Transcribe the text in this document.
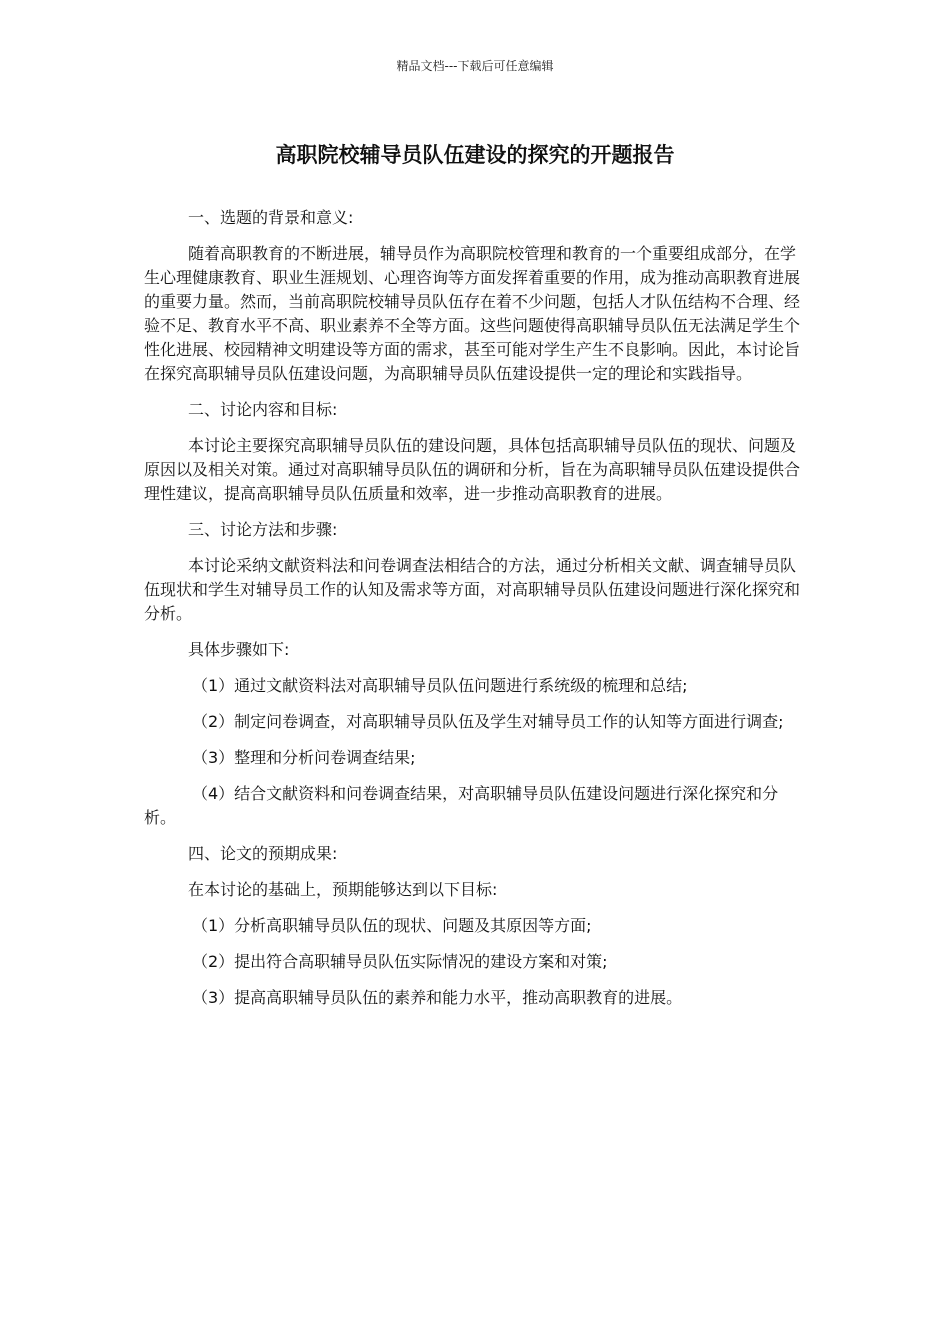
精品文档---下载后可任意编辑
高职院校辅导员队伍建设的探究的开题报告

一、选题的背景和意义:

随着高职教育的不断进展，辅导员作为高职院校管理和教育的一个重要组成部分，在学生心理健康教育、职业生涯规划、心理咨询等方面发挥着重要的作用，成为推动高职教育进展的重要力量。然而，当前高职院校辅导员队伍存在着不少问题，包括人才队伍结构不合理、经验不足、教育水平不高、职业素养不全等方面。这些问题使得高职辅导员队伍无法满足学生个性化进展、校园精神文明建设等方面的需求，甚至可能对学生产生不良影响。因此，本讨论旨在探究高职辅导员队伍建设问题，为高职辅导员队伍建设提供一定的理论和实践指导。

二、讨论内容和目标:

本讨论主要探究高职辅导员队伍的建设问题，具体包括高职辅导员队伍的现状、问题及原因以及相关对策。通过对高职辅导员队伍的调研和分析，旨在为高职辅导员队伍建设提供合理性建议，提高高职辅导员队伍质量和效率，进一步推动高职教育的进展。

三、讨论方法和步骤:

本讨论采纳文献资料法和问卷调查法相结合的方法，通过分析相关文献、调查辅导员队伍现状和学生对辅导员工作的认知及需求等方面，对高职辅导员队伍建设问题进行深化探究和分析。

具体步骤如下:

（1）通过文献资料法对高职辅导员队伍问题进行系统级的梳理和总结;

（2）制定问卷调查，对高职辅导员队伍及学生对辅导员工作的认知等方面进行调查;

（3）整理和分析问卷调查结果;

（4）结合文献资料和问卷调查结果，对高职辅导员队伍建设问题进行深化探究和分析。

四、论文的预期成果:

在本讨论的基础上，预期能够达到以下目标:

（1）分析高职辅导员队伍的现状、问题及其原因等方面;

（2）提出符合高职辅导员队伍实际情况的建设方案和对策;

（3）提高高职辅导员队伍的素养和能力水平，推动高职教育的进展。
